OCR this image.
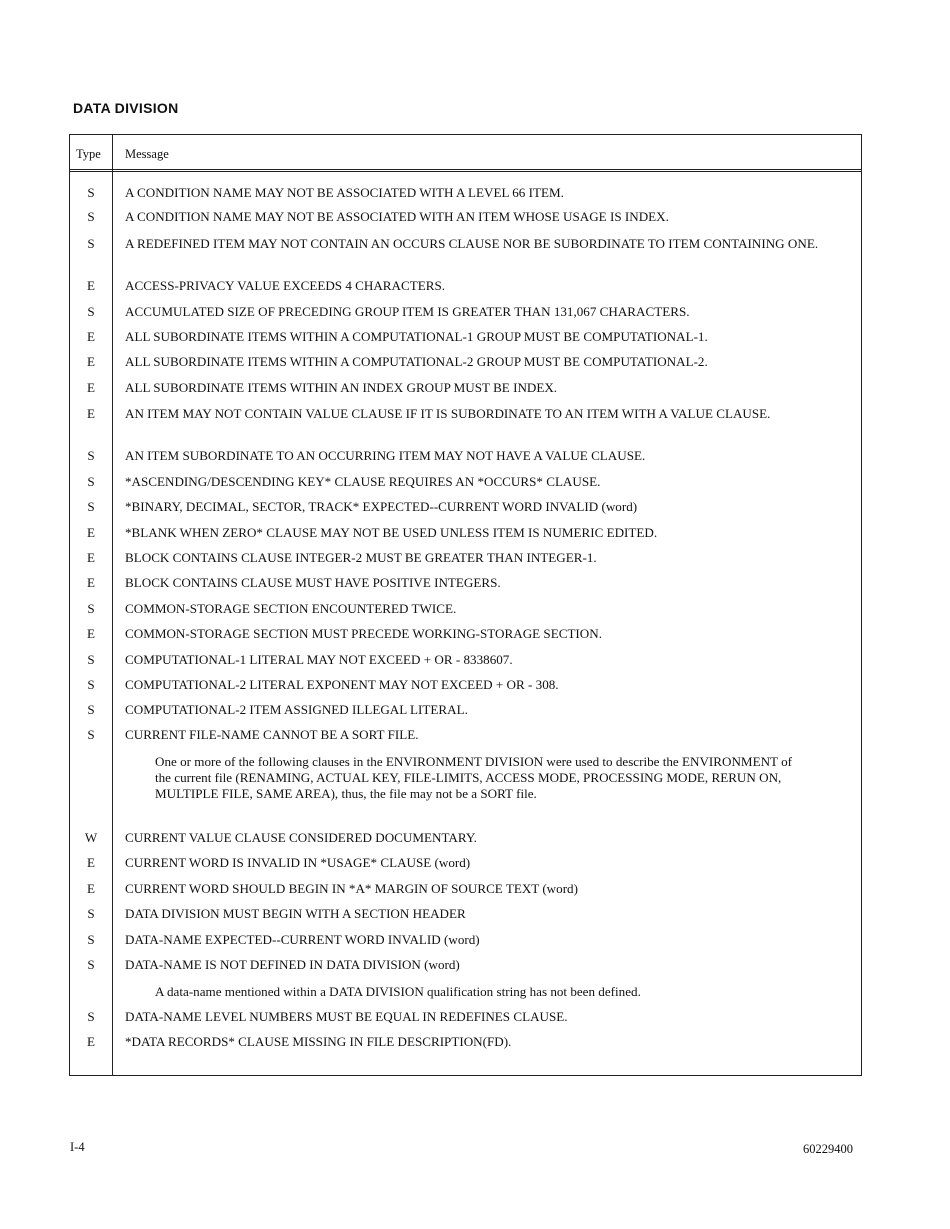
DATA DIVISION
Type Message
S	A CONDITION NAME MAY NOT BE ASSOCIATED WITH A LEVEL 66 ITEM.
S	A CONDITION NAME MAY NOT BE ASSOCIATED WITH AN ITEM WHOSE USAGE IS INDEX.
S	A REDEFINED ITEM MAY NOT CONTAIN AN OCCURS CLAUSE NOR BE SUBORDINATE TO ITEM CONTAINING ONE.
E	ACCESS-PRIVACY VALUE EXCEEDS 4 CHARACTERS.
S	ACCUMULATED SIZE OF PRECEDING GROUP ITEM IS GREATER THAN 131,067 CHARACTERS.
E	ALL SUBORDINATE ITEMS WITHIN A COMPUTATIONAL-1 GROUP MUST BE COMPUTATIONAL-1.
E	ALL SUBORDINATE ITEMS WITHIN A COMPUTATIONAL-2 GROUP MUST BE COMPUTATIONAL-2.
E	ALL SUBORDINATE ITEMS WITHIN AN INDEX GROUP MUST BE INDEX.
E	AN ITEM MAY NOT CONTAIN VALUE CLAUSE IF IT IS SUBORDINATE TO AN ITEM WITH A VALUE CLAUSE.
S	AN ITEM SUBORDINATE TO AN OCCURRING ITEM MAY NOT HAVE A VALUE CLAUSE.
S	*ASCENDING/DESCENDING KEY* CLAUSE REQUIRES AN *OCCURS* CLAUSE.
S	*BINARY, DECIMAL, SECTOR, TRACK* EXPECTED--CURRENT WORD INVALID (word)
E	*BLANK WHEN ZERO* CLAUSE MAY NOT BE USED UNLESS ITEM IS NUMERIC EDITED.
E	BLOCK CONTAINS CLAUSE INTEGER-2 MUST BE GREATER THAN INTEGER-1.
E	BLOCK CONTAINS CLAUSE MUST HAVE POSITIVE INTEGERS.
S	COMMON-STORAGE SECTION ENCOUNTERED TWICE.
E	COMMON-STORAGE SECTION MUST PRECEDE WORKING-STORAGE SECTION.
S	COMPUTATIONAL-1 LITERAL MAY NOT EXCEED + OR - 8338607.
S	COMPUTATIONAL-2 LITERAL EXPONENT MAY NOT EXCEED + OR - 308.
S	COMPUTATIONAL-2 ITEM ASSIGNED ILLEGAL LITERAL.
S	CURRENT FILE-NAME CANNOT BE A SORT FILE.
One or more of the following clauses in the ENVIRONMENT DIVISION were used to describe the ENVIRONMENT of the current file (RENAMING, ACTUAL KEY, FILE-LIMITS, ACCESS MODE, PROCESSING MODE, RERUN ON, MULTIPLE FILE, SAME AREA), thus, the file may not be a SORT file.
W	CURRENT VALUE CLAUSE CONSIDERED DOCUMENTARY.
E	CURRENT WORD IS INVALID IN *USAGE* CLAUSE (word)
E	CURRENT WORD SHOULD BEGIN IN *A* MARGIN OF SOURCE TEXT (word)
S	DATA DIVISION MUST BEGIN WITH A SECTION HEADER
S	DATA-NAME EXPECTED--CURRENT WORD INVALID (word)
S	DATA-NAME IS NOT DEFINED IN DATA DIVISION (word)
A data-name mentioned within a DATA DIVISION qualification string has not been defined.
S	DATA-NAME LEVEL NUMBERS MUST BE EQUAL IN REDEFINES CLAUSE.
E	*DATA RECORDS* CLAUSE MISSING IN FILE DESCRIPTION(FD).
I-4	60229400
